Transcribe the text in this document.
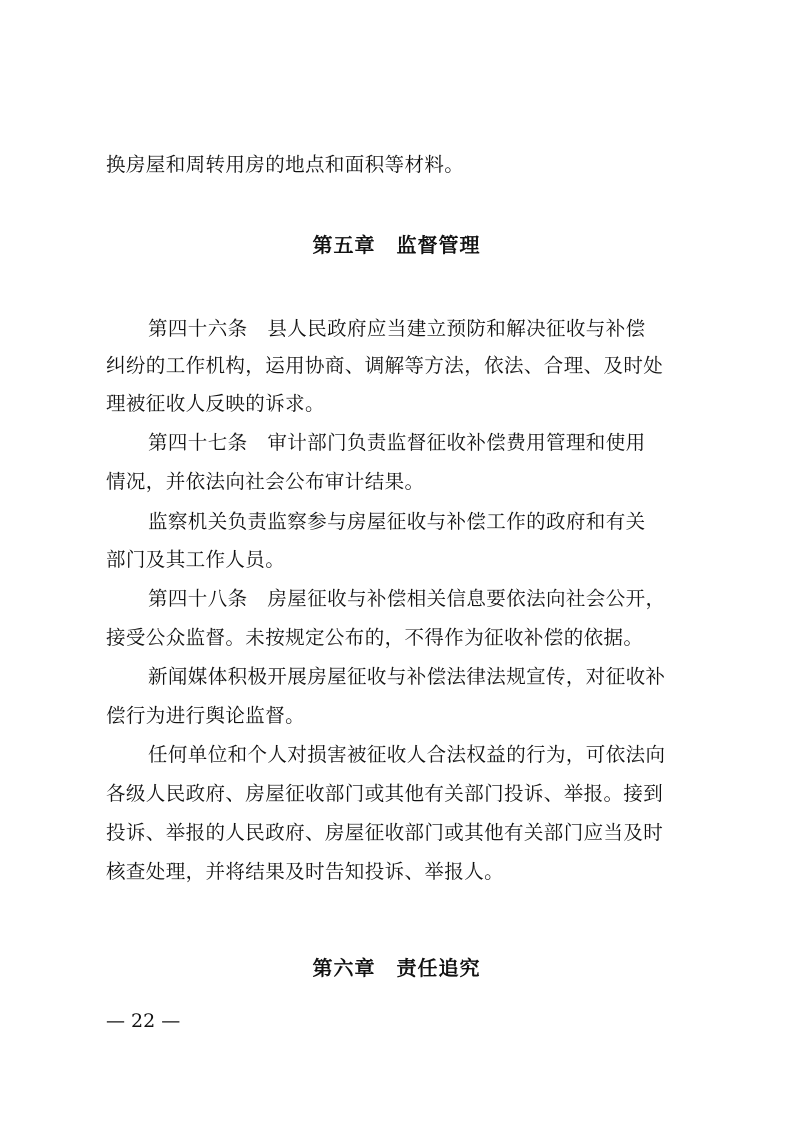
换房屋和周转用房的地点和面积等材料。
第五章　监督管理
第四十六条　县人民政府应当建立预防和解决征收与补偿
纠纷的工作机构，运用协商、调解等方法，依法、合理、及时处
理被征收人反映的诉求。
第四十七条　审计部门负责监督征收补偿费用管理和使用
情况，并依法向社会公布审计结果。
监察机关负责监察参与房屋征收与补偿工作的政府和有关
部门及其工作人员。
第四十八条　房屋征收与补偿相关信息要依法向社会公开，
接受公众监督。未按规定公布的，不得作为征收补偿的依据。
新闻媒体积极开展房屋征收与补偿法律法规宣传，对征收补
偿行为进行舆论监督。
任何单位和个人对损害被征收人合法权益的行为，可依法向
各级人民政府、房屋征收部门或其他有关部门投诉、举报。接到
投诉、举报的人民政府、房屋征收部门或其他有关部门应当及时
核查处理，并将结果及时告知投诉、举报人。
第六章　责任追究
— 22 —
